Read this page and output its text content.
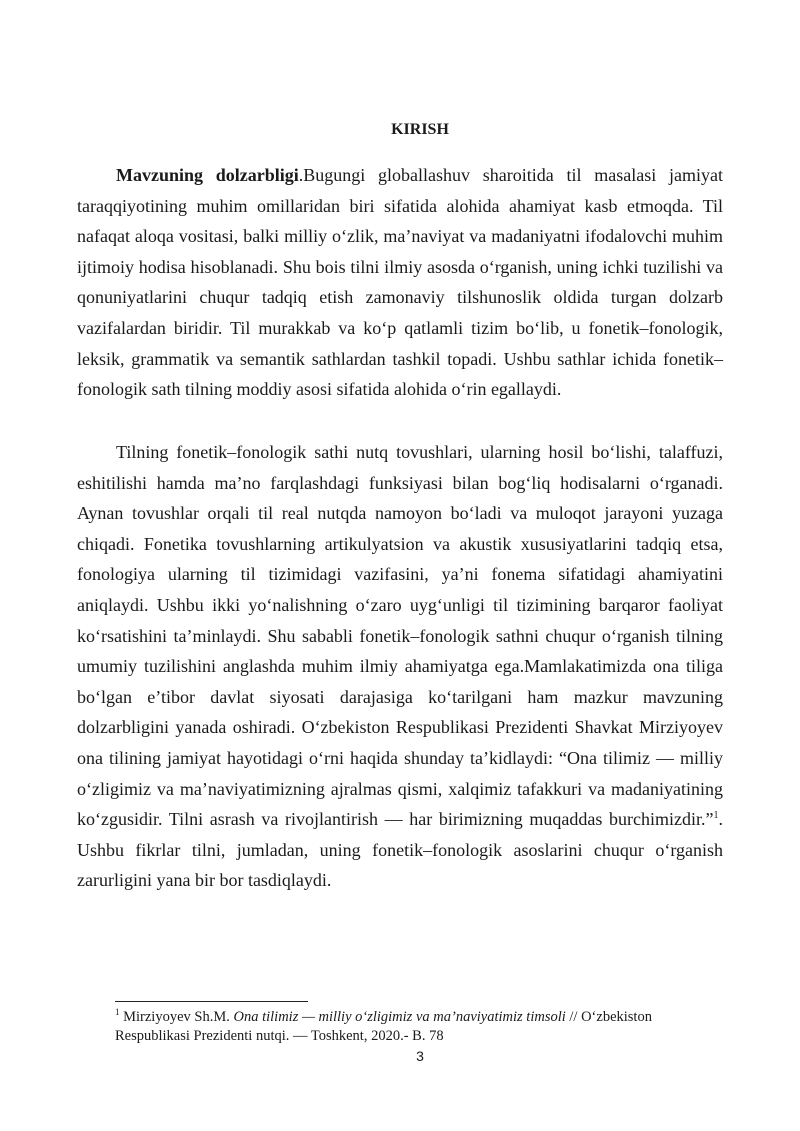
KIRISH

Mavzuning dolzarbligi.Bugungi globallashuv sharoitida til masalasi jamiyat taraqqiyotining muhim omillaridan biri sifatida alohida ahamiyat kasb etmoqda. Til nafaqat aloqa vositasi, balki milliy o‘zlik, ma’naviyat va madaniyatni ifodalovchi muhim ijtimoiy hodisa hisoblanadi. Shu bois tilni ilmiy asosda o‘rganish, uning ichki tuzilishi va qonuniyatlarini chuqur tadqiq etish zamonaviy tilshunoslik oldida turgan dolzarb vazifalardan biridir. Til murakkab va ko‘p qatlamli tizim bo‘lib, u fonetik–fonologik, leksik, grammatik va semantik sathlardan tashkil topadi. Ushbu sathlar ichida fonetik–fonologik sath tilning moddiy asosi sifatida alohida o‘rin egallaydi.

Tilning fonetik–fonologik sathi nutq tovushlari, ularning hosil bo‘lishi, talaffuzi, eshitilishi hamda ma’no farqlashdagi funksiyasi bilan bog‘liq hodisalarni o‘rganadi. Aynan tovushlar orqali til real nutqda namoyon bo‘ladi va muloqot jarayoni yuzaga chiqadi. Fonetika tovushlarning artikulyatsion va akustik xususiyatlarini tadqiq etsa, fonologiya ularning til tizimidagi vazifasini, ya’ni fonema sifatidagi ahamiyatini aniqlaydi. Ushbu ikki yo‘nalishning o‘zaro uyg‘unligi til tizimining barqaror faoliyat ko‘rsatishini ta’minlaydi. Shu sababli fonetik–fonologik sathni chuqur o‘rganish tilning umumiy tuzilishini anglashda muhim ilmiy ahamiyatga ega.Mamlakatimizda ona tiliga bo‘lgan e’tibor davlat siyosati darajasiga ko‘tarilgani ham mazkur mavzuning dolzarbligini yanada oshiradi. O‘zbekiston Respublikasi Prezidenti Shavkat Mirziyoyev ona tilining jamiyat hayotidagi o‘rni haqida shunday ta’kidlaydi: “Ona tilimiz — milliy o‘zligimiz va ma’naviyatimizning ajralmas qismi, xalqimiz tafakkuri va madaniyatining ko‘zgusidir. Tilni asrash va rivojlantirish — har birimizning muqaddas burchimizdir.”$^1$. Ushbu fikrlar tilni, jumladan, uning fonetik–fonologik asoslarini chuqur o‘rganish zarurligini yana bir bor tasdiqlaydi.

$^1$ Mirziyoyev Sh.M. Ona tilimiz — milliy o‘zligimiz va ma’naviyatimiz timsoli // O‘zbekiston Respublikasi Prezidenti nutqi. — Toshkent, 2020.- B. 78

3
